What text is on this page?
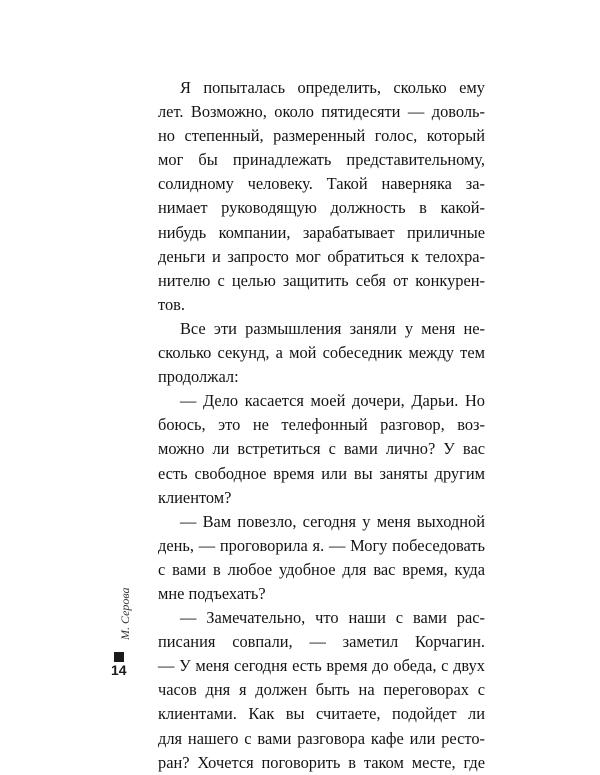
Я попыталась определить, сколько ему
лет. Возможно, около пятидесяти — доволь-
но степенный, размеренный голос, который
мог бы принадлежать представительному,
солидному человеку. Такой наверняка за-
нимает руководящую должность в какой-
нибудь компании, зарабатывает приличные
деньги и запросто мог обратиться к телохра-
нителю с целью защитить себя от конкурен-
тов.
Все эти размышления заняли у меня не-
сколько секунд, а мой собеседник между тем
продолжал:
— Дело касается моей дочери, Дарьи. Но
боюсь, это не телефонный разговор, воз-
можно ли встретиться с вами лично? У вас
есть свободное время или вы заняты другим
клиентом?
— Вам повезло, сегодня у меня выходной
день, — проговорила я. — Могу побеседовать
с вами в любое удобное для вас время, куда
мне подъехать?
— Замечательно, что наши с вами рас-
писания совпали, — заметил Корчагин.
— У меня сегодня есть время до обеда, с двух
часов дня я должен быть на переговорах с
клиентами. Как вы считаете, подойдет ли
для нашего с вами разговора кафе или ресто-
ран? Хочется поговорить в таком месте, где
М. Серова
14
